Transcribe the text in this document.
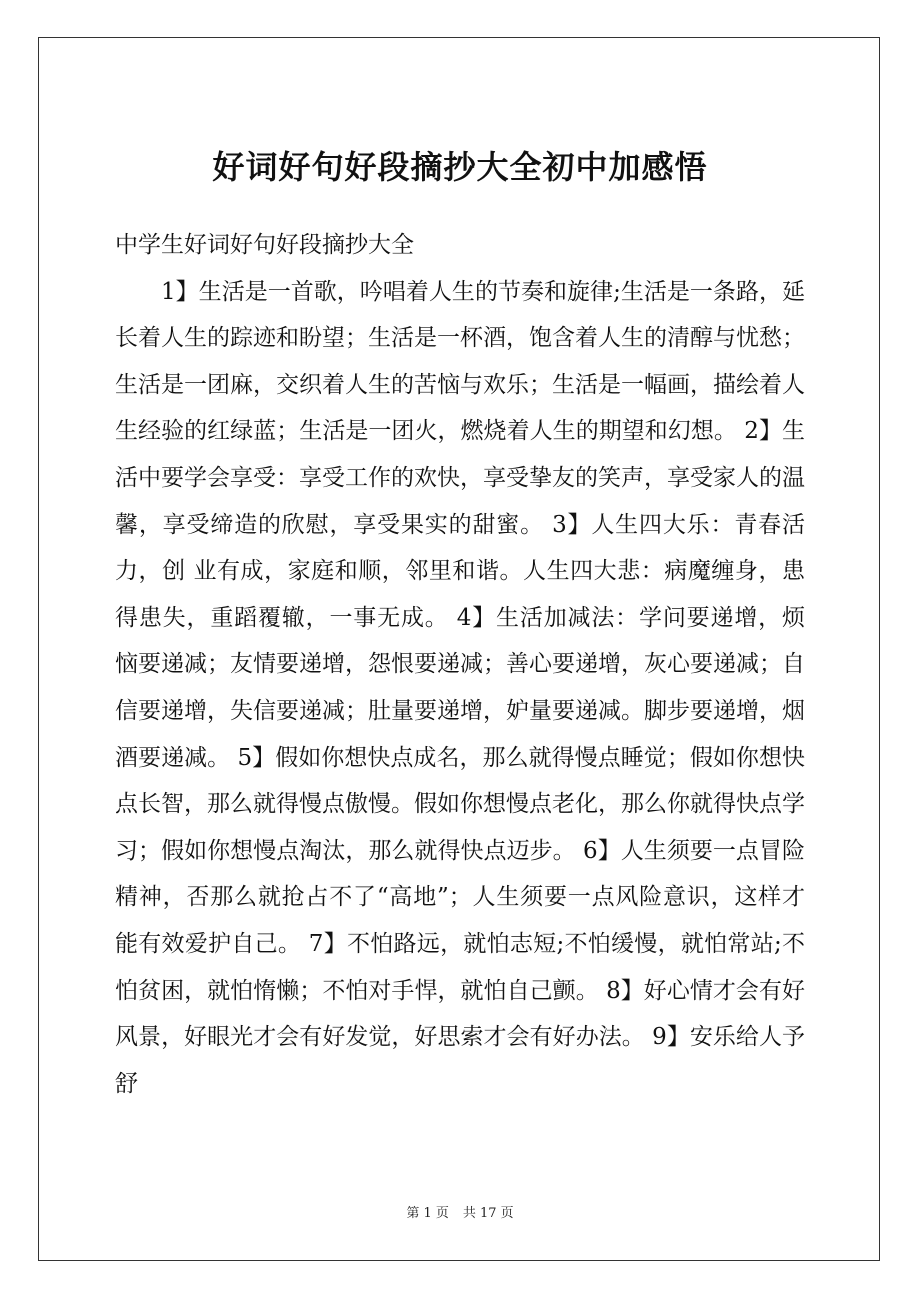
好词好句好段摘抄大全初中加感悟
中学生好词好句好段摘抄大全

1】生活是一首歌，吟唱着人生的节奏和旋律;生活是一条路，延长着人生的踪迹和盼望；生活是一杯酒，饱含着人生的清醇与忧愁；生活是一团麻，交织着人生的苦恼与欢乐；生活是一幅画，描绘着人生经验的红绿蓝；生活是一团火，燃烧着人生的期望和幻想。 2】生活中要学会享受：享受工作的欢快，享受挚友的笑声，享受家人的温馨，享受缔造的欣慰，享受果实的甜蜜。 3】人生四大乐：青春活力，创 业有成，家庭和顺，邻里和谐。人生四大悲：病魔缠身，患得患失，重蹈覆辙，一事无成。 4】生活加减法：学问要递增，烦 恼要递减；友情要递增，怨恨要递减；善心要递增，灰心要递减；自信要递增，失信要递减；肚量要递增，妒量要递减。脚步要递增，烟酒要递减。 5】假如你想快点成名，那么就得慢点睡觉；假如你想快点长智，那么就得慢点傲慢。假如你想慢点老化，那么你就得快点学习；假如你想慢点淘汰，那么就得快点迈步。 6】人生须要一点冒险精神，否那么就抢占不了“高地”；人生须要一点风险意识，这样才能有效爱护自己。 7】不怕路远，就怕志短;不怕缓慢，就怕常站;不怕贫困，就怕惰懒；不怕对手悍，就怕自己颤。 8】好心情才会有好风景，好眼光才会有好发觉，好思索才会有好办法。 9】安乐给人予舒

第 1 页 共 17 页
